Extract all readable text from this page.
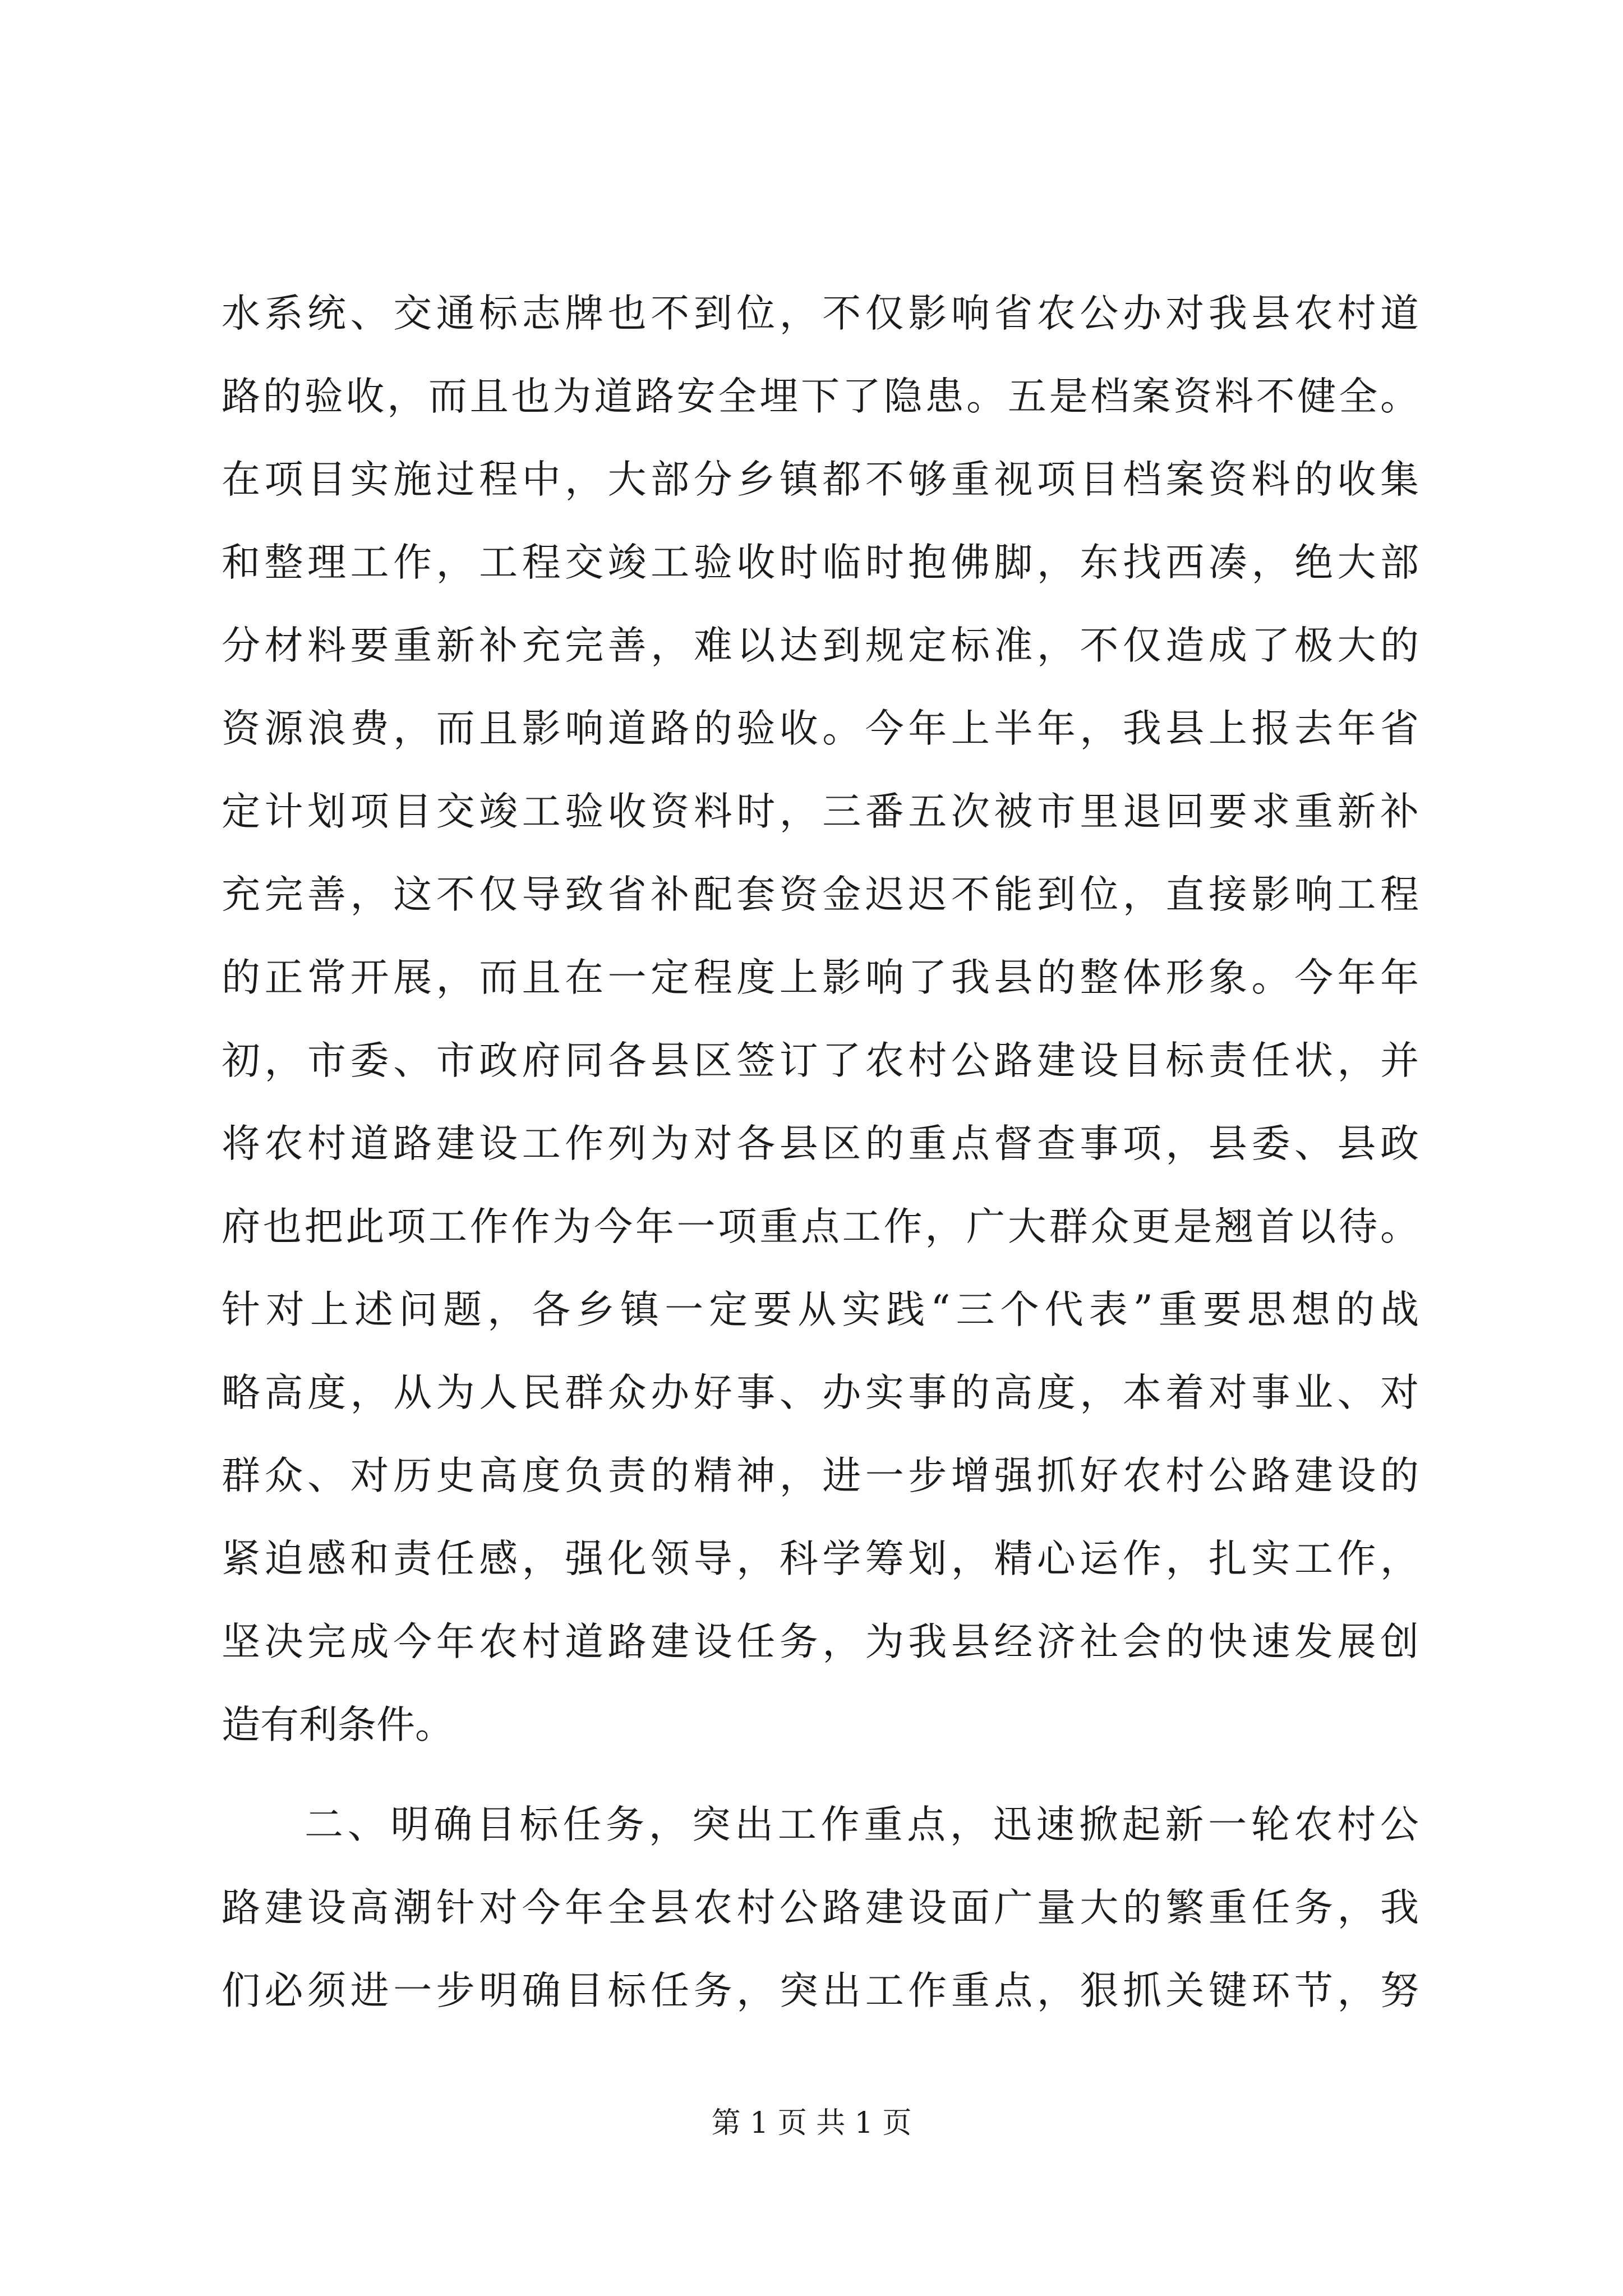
水系统、交通标志牌也不到位，不仅影响省农公办对我县农村道
路的验收，而且也为道路安全埋下了隐患。五是档案资料不健全。
在项目实施过程中，大部分乡镇都不够重视项目档案资料的收集
和整理工作，工程交竣工验收时临时抱佛脚，东找西凑，绝大部
分材料要重新补充完善，难以达到规定标准，不仅造成了极大的
资源浪费，而且影响道路的验收。今年上半年，我县上报去年省
定计划项目交竣工验收资料时，三番五次被市里退回要求重新补
充完善，这不仅导致省补配套资金迟迟不能到位，直接影响工程
的正常开展，而且在一定程度上影响了我县的整体形象。今年年
初，市委、市政府同各县区签订了农村公路建设目标责任状，并
将农村道路建设工作列为对各县区的重点督查事项，县委、县政
府也把此项工作作为今年一项重点工作，广大群众更是翘首以待。
针对上述问题，各乡镇一定要从实践“三个代表”重要思想的战
略高度，从为人民群众办好事、办实事的高度，本着对事业、对
群众、对历史高度负责的精神，进一步增强抓好农村公路建设的
紧迫感和责任感，强化领导，科学筹划，精心运作，扎实工作，
坚决完成今年农村道路建设任务，为我县经济社会的快速发展创
造有利条件。
二、明确目标任务，突出工作重点，迅速掀起新一轮农村公
路建设高潮针对今年全县农村公路建设面广量大的繁重任务，我
们必须进一步明确目标任务，突出工作重点，狠抓关键环节，努
第 1 页 共 1 页
